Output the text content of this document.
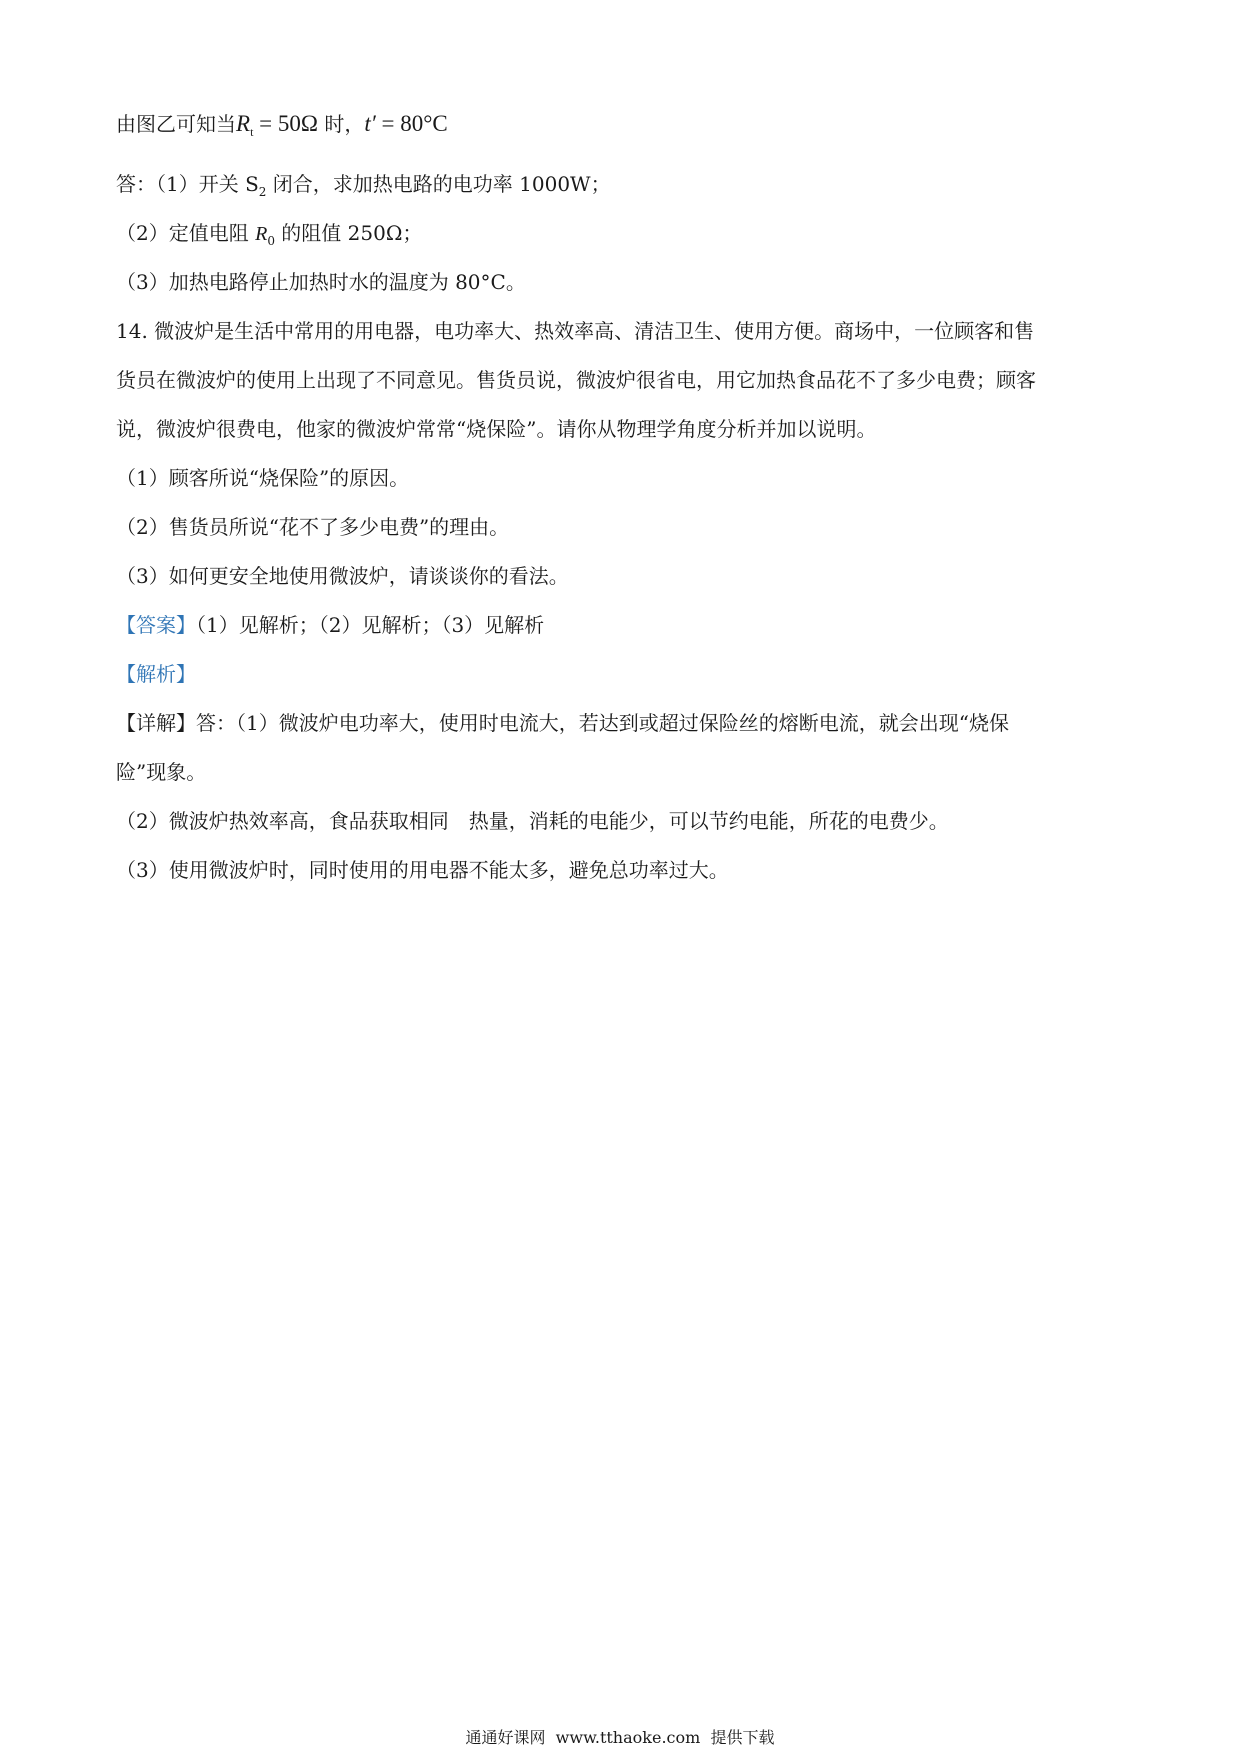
由图乙可知当$R_t = 50\Omega$ 时，t′ = 80°C
答：（1）开关 $S_2$ 闭合，求加热电路的电功率 1000W；
（2）定值电阻 $R_0$ 的阻值 250Ω；
（3）加热电路停止加热时水的温度为 80°C。
14. 微波炉是生活中常用的用电器，电功率大、热效率高、清洁卫生、使用方便。商场中，一位顾客和售
货员在微波炉的使用上出现了不同意见。售货员说，微波炉很省电，用它加热食品花不了多少电费；顾客
说，微波炉很费电，他家的微波炉常常“烧保险”。请你从物理学角度分析并加以说明。
（1）顾客所说“烧保险”的原因。
（2）售货员所说“花不了多少电费”的理由。
（3）如何更安全地使用微波炉，请谈谈你的看法。
【答案】（1）见解析；（2）见解析；（3）见解析
【解析】
【详解】答：（1）微波炉电功率大，使用时电流大，若达到或超过保险丝的熔断电流，就会出现“烧保
险”现象。
（2）微波炉热效率高，食品获取相同　热量，消耗的电能少，可以节约电能，所花的电费少。
（3）使用微波炉时，同时使用的用电器不能太多，避免总功率过大。
通通好课网  www.tthaoke.com  提供下载
